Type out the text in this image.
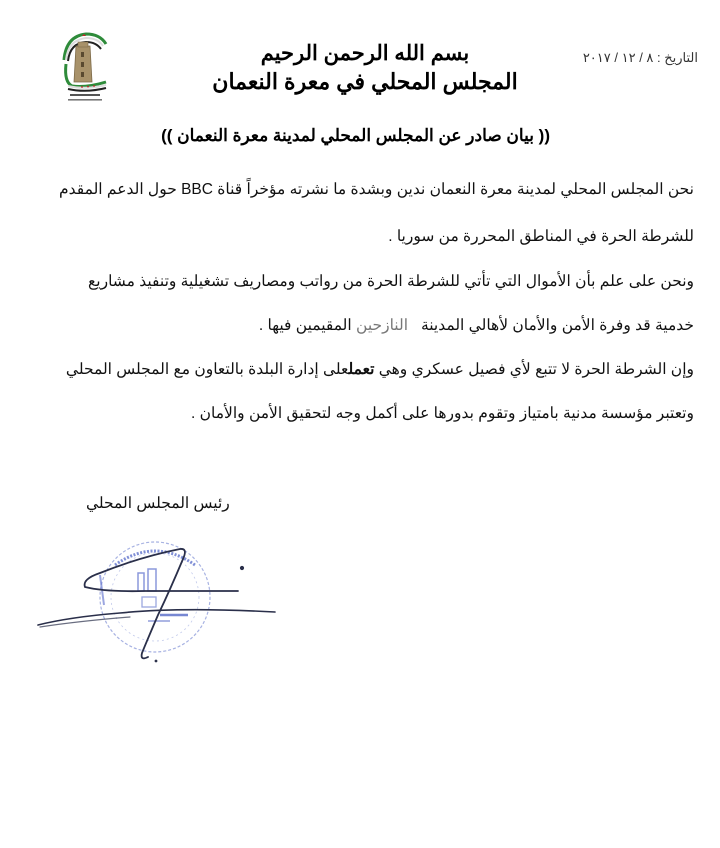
التاريخ : ٨ / ١٢ / ٢٠١٧
بسم الله الرحمن الرحيم
المجلس المحلي في معرة النعمان
(( بيان صادر عن المجلس المحلي لمدينة معرة النعمان ))
نحن المجلس المحلي لمدينة معرة النعمان ندين وبشدة ما نشرته مؤخراً قناة BBC حول الدعم المقدم
للشرطة الحرة في المناطق المحررة من سوريا .
ونحن على علم بأن الأموال التي تأتي للشرطة الحرة من رواتب ومصاريف تشغيلية وتنفيذ مشاريع
خدمية قد وفرة الأمن والأمان لأهالي المدينة   النازحين المقيمين فيها .
وإن الشرطة الحرة لا تتبع لأي فصيل عسكري وهي تعملعلى إدارة البلدة بالتعاون مع المجلس المحلي
وتعتبر مؤسسة مدنية بامتياز وتقوم بدورها على أكمل وجه لتحقيق الأمن والأمان .
رئيس المجلس المحلي
